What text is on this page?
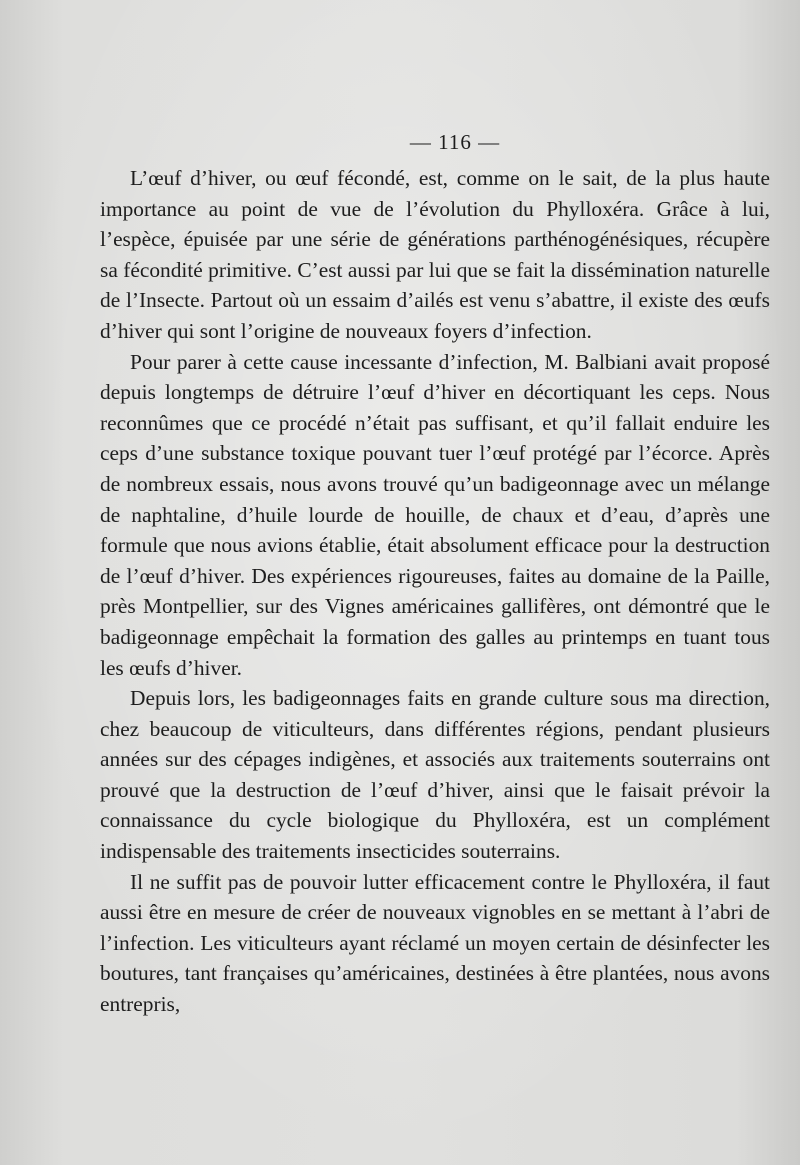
— 116 —

L’œuf d’hiver, ou œuf fécondé, est, comme on le sait, de la plus haute importance au point de vue de l’évolution du Phylloxéra. Grâce à lui, l’espèce, épuisée par une série de générations parthénogénésiques, récupère sa fécondité primitive. C’est aussi par lui que se fait la dissémination naturelle de l’Insecte. Partout où un essaim d’ailés est venu s’abattre, il existe des œufs d’hiver qui sont l’origine de nouveaux foyers d’infection.

Pour parer à cette cause incessante d’infection, M. Balbiani avait proposé depuis longtemps de détruire l’œuf d’hiver en décortiquant les ceps. Nous reconnûmes que ce procédé n’était pas suffisant, et qu’il fallait enduire les ceps d’une substance toxique pouvant tuer l’œuf protégé par l’écorce. Après de nombreux essais, nous avons trouvé qu’un badigeonnage avec un mélange de naphtaline, d’huile lourde de houille, de chaux et d’eau, d’après une formule que nous avions établie, était absolument efficace pour la destruction de l’œuf d’hiver. Des expériences rigoureuses, faites au domaine de la Paille, près Montpellier, sur des Vignes américaines gallifères, ont démontré que le badigeonnage empêchait la formation des galles au printemps en tuant tous les œufs d’hiver.

Depuis lors, les badigeonnages faits en grande culture sous ma direction, chez beaucoup de viticulteurs, dans différentes régions, pendant plusieurs années sur des cépages indigènes, et associés aux traitements souterrains ont prouvé que la destruction de l’œuf d’hiver, ainsi que le faisait prévoir la connaissance du cycle biologique du Phylloxéra, est un complément indispensable des traitements insecticides souterrains.

Il ne suffit pas de pouvoir lutter efficacement contre le Phylloxéra, il faut aussi être en mesure de créer de nouveaux vignobles en se mettant à l’abri de l’infection. Les viticulteurs ayant réclamé un moyen certain de désinfecter les boutures, tant françaises qu’américaines, destinées à être plantées, nous avons entrepris,
